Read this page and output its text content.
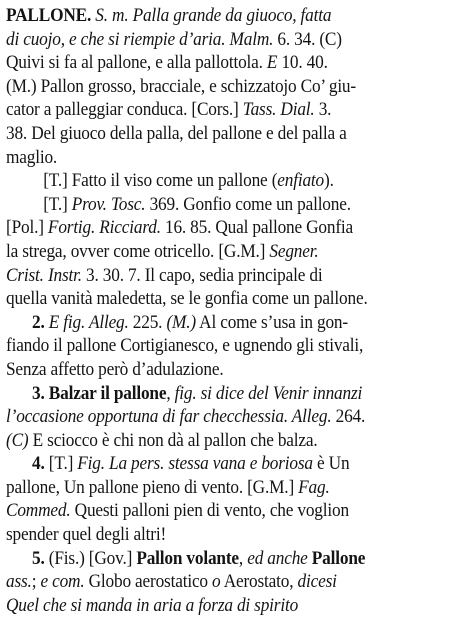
PALLONE. S. m. Palla grande da giuoco, fatta
di cuojo, e che si riempie d’aria. Malm. 6. 34. (C)
Quivi si fa al pallone, e alla pallottola. E 10. 40.
(M.) Pallon grosso, bracciale, e schizzatojo Co’ giu-
cator a palleggiar conduca. [Cors.] Tass. Dial. 3.
38. Del giuoco della palla, del pallone e del palla a
maglio.
[T.] Fatto il viso come un pallone (enfiato).
[T.] Prov. Tosc. 369. Gonfio come un pallone.
[Pol.] Fortig. Ricciard. 16. 85. Qual pallone Gonfia
la strega, ovver come otricello. [G.M.] Segner.
Crist. Instr. 3. 30. 7. Il capo, sedia principale di
quella vanità maledetta, se le gonfia come un pallone.
2. E fig. Alleg. 225. (M.) Al come s’usa in gon-
fiando il pallone Cortigianesco, e ugnendo gli stivali,
Senza affetto però d’adulazione.
3. Balzar il pallone, fig. si dice del Venir innanzi
l’occasione opportuna di far checchessia. Alleg. 264.
(C) E sciocco è chi non dà al pallon che balza.
4. [T.] Fig. La pers. stessa vana e boriosa è Un
pallone, Un pallone pieno di vento. [G.M.] Fag.
Commed. Questi palloni pien di vento, che voglion
spender quel degli altri!
5. (Fis.) [Gov.] Pallon volante, ed anche Pallone
ass.; e com. Globo aerostatico o Aerostato, dicesi
Quel che si manda in aria a forza di spirito
